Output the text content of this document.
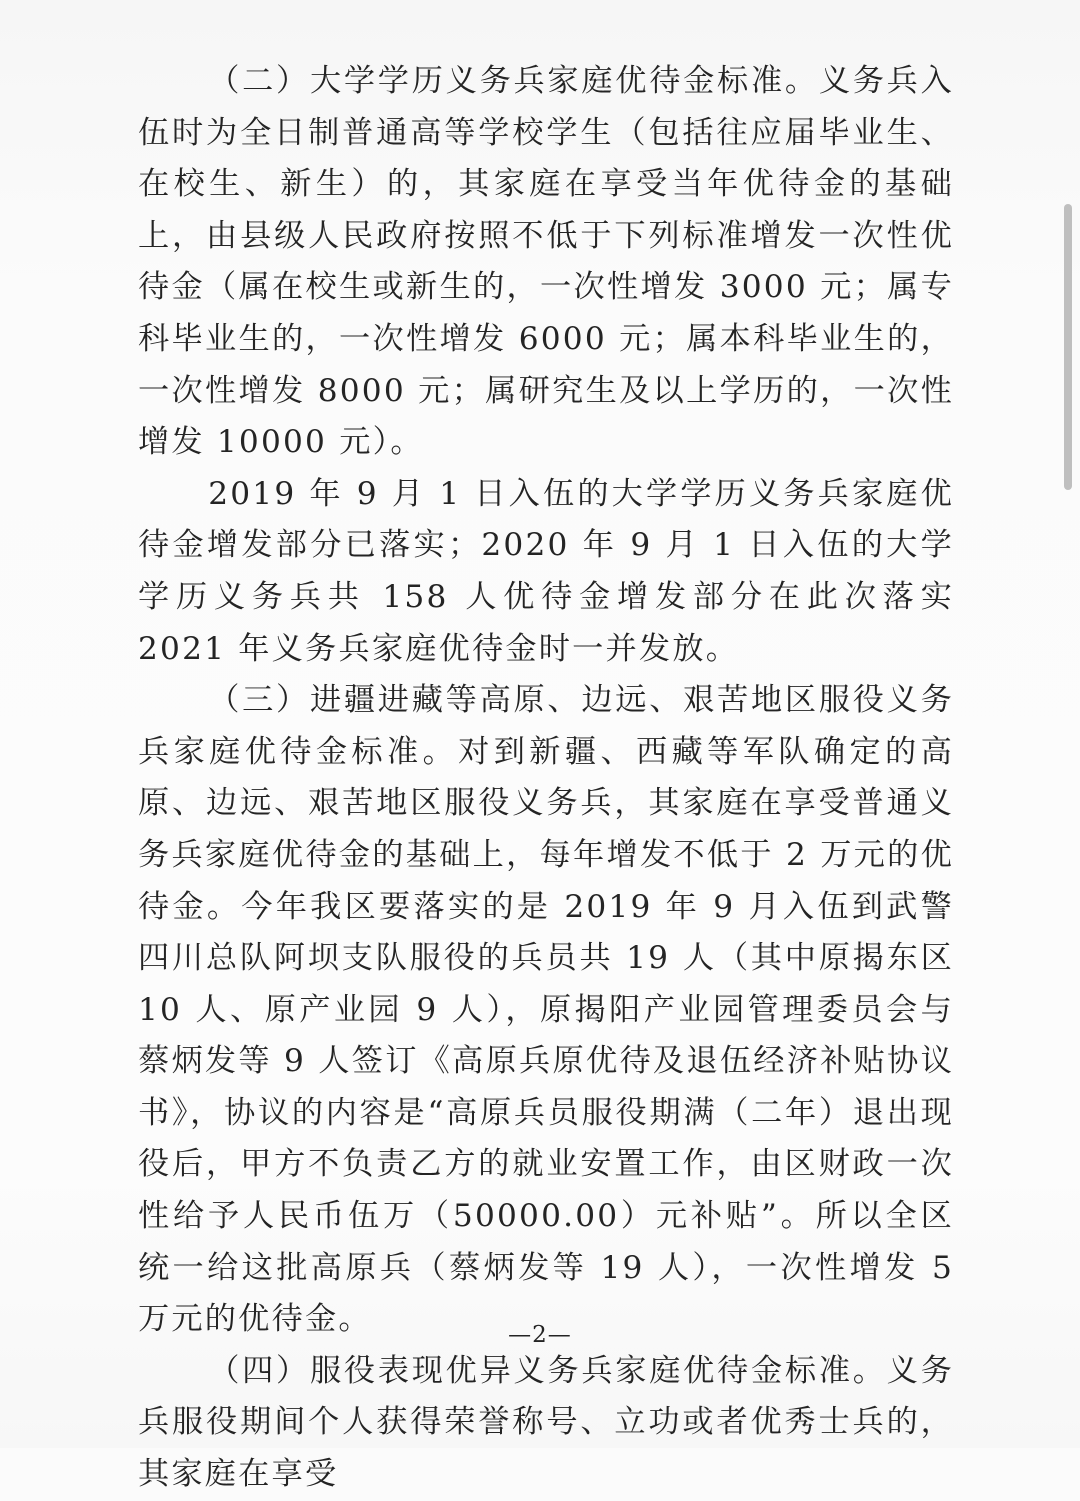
（二）大学学历义务兵家庭优待金标准。义务兵入伍时为全日制普通高等学校学生（包括往应届毕业生、在校生、新生）的，其家庭在享受当年优待金的基础上，由县级人民政府按照不低于下列标准增发一次性优待金（属在校生或新生的，一次性增发 3000 元；属专科毕业生的，一次性增发 6000 元；属本科毕业生的，一次性增发 8000 元；属研究生及以上学历的，一次性增发 10000 元）。

2019 年 9 月 1 日入伍的大学学历义务兵家庭优待金增发部分已落实；2020 年 9 月 1 日入伍的大学学历义务兵共 158 人优待金增发部分在此次落实 2021 年义务兵家庭优待金时一并发放。

（三）进疆进藏等高原、边远、艰苦地区服役义务兵家庭优待金标准。对到新疆、西藏等军队确定的高原、边远、艰苦地区服役义务兵，其家庭在享受普通义务兵家庭优待金的基础上，每年增发不低于 2 万元的优待金。今年我区要落实的是 2019 年 9 月入伍到武警四川总队阿坝支队服役的兵员共 19 人（其中原揭东区 10 人、原产业园 9 人），原揭阳产业园管理委员会与蔡炳发等 9 人签订《高原兵原优待及退伍经济补贴协议书》，协议的内容是“高原兵员服役期满（二年）退出现役后，甲方不负责乙方的就业安置工作，由区财政一次性给予人民币伍万（50000.00）元补贴”。所以全区统一给这批高原兵（蔡炳发等 19 人），一次性增发 5 万元的优待金。

（四）服役表现优异义务兵家庭优待金标准。义务兵服役期间个人获得荣誉称号、立功或者优秀士兵的，其家庭在享受

—2—
